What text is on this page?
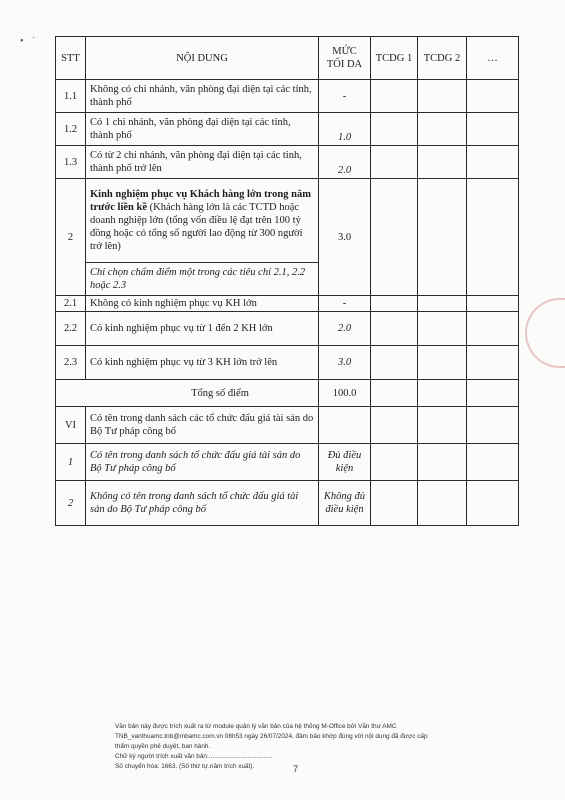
• ˙
STT	NỘI DUNG	MỨC TỐI DA	TCDG 1	TCDG 2	…
1.1	Không có chi nhánh, văn phòng đại diện tại các tỉnh, thành phố	-			
1.2	Có 1 chi nhánh, văn phòng đại diện tại các tỉnh, thành phố	1.0			
1.3	Có từ 2 chi nhánh, văn phòng đại diện tại các tỉnh, thành phố trở lên	2.0			
2	Kinh nghiệm phục vụ Khách hàng lớn trong năm trước liền kề (Khách hàng lớn là các TCTD hoặc doanh nghiệp lớn (tổng vốn điều lệ đạt trên 100 tỷ đồng hoặc có tổng số người lao động từ 300 người trở lên)	3.0			
	Chỉ chọn chấm điểm một trong các tiêu chí 2.1, 2.2 hoặc 2.3				
2.1	Không có kinh nghiệm phục vụ KH lớn	-			
2.2	Có kinh nghiệm phục vụ từ 1 đến 2 KH lớn	2.0			
2.3	Có kinh nghiệm phục vụ từ 3 KH lớn trở lên	3.0			
Tổng số điểm		100.0			
VI	Có tên trong danh sách các tổ chức đấu giá tài sản do Bộ Tư pháp công bố				
1	Có tên trong danh sách tổ chức đấu giá tài sản do Bộ Tư pháp công bố	Đủ điều kiện			
2	Không có tên trong danh sách tổ chức đấu giá tài sản do Bộ Tư pháp công bố	Không đủ điều kiện			
Văn bản này được trích xuất ra từ module quản lý văn bản của hệ thống M-Office bởi Văn thư AMC
TNB_vanthuamc.tnb@mbamc.com.vn 08h53 ngày 26/07/2024, đảm bảo khớp đúng với nội dung đã được cấp
thẩm quyền phê duyệt, ban hành.
Chữ ký người trích xuất văn bản:....................................
Số chuyển hóa: 1663. (Số thứ tự.năm trích xuất).	7
